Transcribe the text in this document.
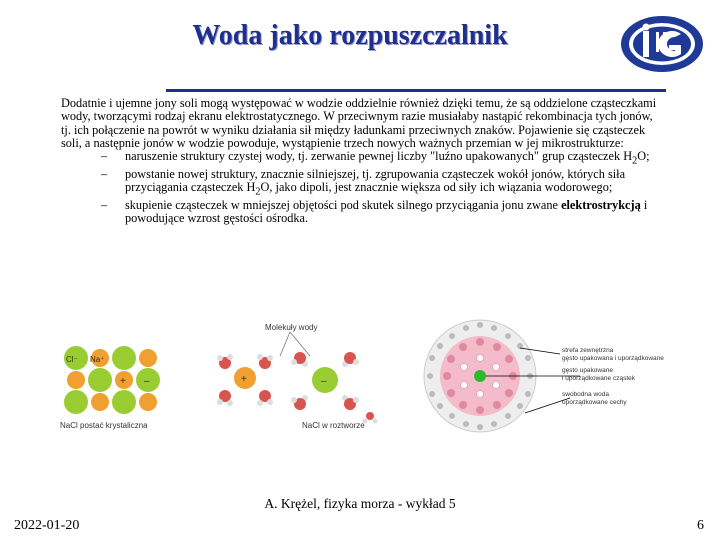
Woda jako rozpuszczalnik

Dodatnie i ujemne jony soli mogą występować w wodzie oddzielnie również dzięki temu, że są oddzielone cząsteczkami wody, tworzącymi rodzaj ekranu elektrostatycznego. W przeciwnym razie musiałaby nastąpić rekombinacja tych jonów, tj. ich połączenie na powrót w wyniku działania sił między ładunkami przeciwnych znaków. Pojawienie się cząsteczek soli, a następnie jonów w wodzie powoduje, wystąpienie trzech nowych ważnych przemian w jej mikrostrukturze:

– naruszenie struktury czystej wody, tj. zerwanie pewnej liczby "luźno upakowanych" grup cząsteczek $H_2O$;
– powstanie nowej struktury, znacznie silniejszej, tj. zgrupowania cząsteczek wokół jonów, których siła przyciągania cząsteczek $H_2O$, jako dipoli, jest znacznie większa od siły ich wiązania wodorowego;
– skupienie cząsteczek w mniejszej objętości pod skutek silnego przyciągania jonu zwane elektrostrykcją i powodujące wzrost gęstości ośrodka.
Cl⁻ Na⁺
+ –
NaCl postać krystaliczna
Molekuły wody
+	–
NaCl w roztworze
strefa zewnętrzna
gęsto upakowana i uporządkowane
gęsto upakowane
i uporządkowane cząstek
swobodna woda
uporządkowane cechy
A. Krężel, fizyka morza - wykład 5
2022-01-20	6
